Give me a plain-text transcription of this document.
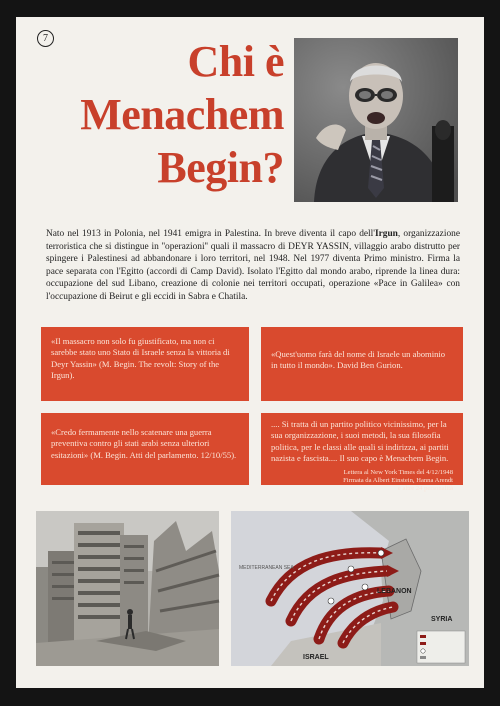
7	Chi è Menachem Begin?

Nato nel 1913 in Polonia, nel 1941 emigra in Palestina. In breve diventa il capo dell'Irgun, organizzazione terroristica che si distingue in ''operazioni'' quali il massacro di DEYR YASSIN, villaggio arabo distrutto per spingere i Palestinesi ad abbandonare i loro territori, nel 1948. Nel 1977 diventa Primo ministro. Firma la pace separata con l'Egitto (accordi di Camp David). Isolato l'Egitto dal mondo arabo, riprende la linea dura: occupazione del sud Libano, creazione di colonie nei territori occupati, operazione «Pace in Galilea» con l'occupazione di Beirut e gli eccidi in Sabra e Chatila.

«Il massacro non solo fu giustificato, ma non ci sarebbe stato uno Stato di Israele senza la vittoria di Deyr Yassin» (M. Begin. The revolt: Story of the Irgun).

«Quest'uomo farà del nome di Israele un abominio in tutto il mondo». David Ben Gurion.

«Credo fermamente nello scatenare una guerra preventiva contro gli stati arabi senza ulteriori esitazioni» (M. Begin. Atti del parlamento. 12/10/55).

.... Si tratta di un partito politico vicinissimo, per la sua organizzazione, i suoi metodi, la sua filosofia politica, per le classi alle quali si indirizza, ai partiti nazista e fascista.... Il suo capo è Menachem Begin.

Lettera al New York Times del 4/12/1948
Firmata da Albert Einstein, Hanna Arendt
e altre 24 personalità
MEDITERRANEAN SEA
LEBANON
SYRIA
ISRAEL
